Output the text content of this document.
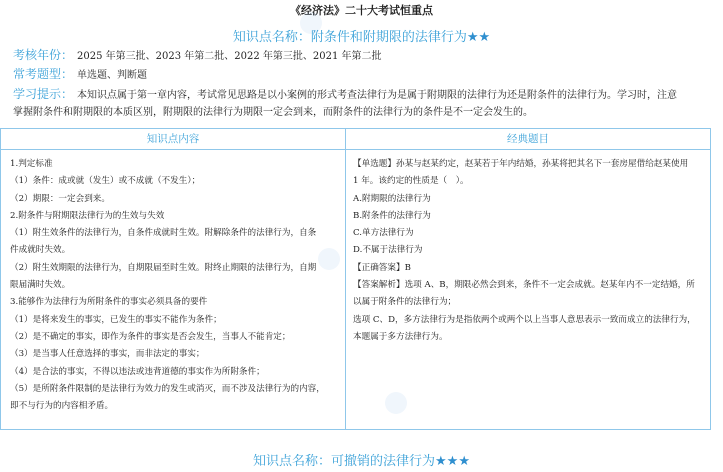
《经济法》二十大考试恒重点
知识点名称：附条件和附期限的法律行为★★
考核年份： 2025 年第三批、2023 年第二批、2022 年第三批、2021 年第二批
常考题型： 单选题、判断题
学习提示： 本知识点属于第一章内容，考试常见思路是以小案例的形式考查法律行为是属于附期限的法律行为还是附条件的法律行为。学习时，注意
掌握附条件和附期限的本质区别，附期限的法律行为期限一定会到来，而附条件的法律行为的条件是不一定会发生的。
知识点内容	经典题目

1.判定标准

（1）条件：成或就（发生）或不成就（不发生）；

（2）期限：一定会到来。

2.附条件与附期限法律行为的生效与失效

（1）附生效条件的法律行为，自条件成就时生效。附解除条件的法律行为，自条

件成就时失效。

（2）附生效期限的法律行为，自期限届至时生效。附终止期限的法律行为，自期

限届满时失效。

3.能够作为法律行为所附条件的事实必须具备的要件

（1）是将来发生的事实，已发生的事实不能作为条件；

（2）是不确定的事实，即作为条件的事实是否会发生，当事人不能肯定；

（3）是当事人任意选择的事实，而非法定的事实；

（4）是合法的事实，不得以违法或违背道德的事实作为所附条件；

（5）是所附条件限制的是法律行为效力的发生或消灭，而不涉及法律行为的内容，

即不与行为的内容相矛盾。

【单选题】孙某与赵某约定，赵某若于年内结婚，孙某将把其名下一套房屋借给赵某使用

1 年。该约定的性质是（　）。

A.附期限的法律行为

B.附条件的法律行为

C.单方法律行为

D.不属于法律行为

【正确答案】B

【答案解析】选项 A、B，期限必然会到来，条件不一定会成就。赵某年内不一定结婚，所

以属于附条件的法律行为；

选项 C、D，多方法律行为是指依两个或两个以上当事人意思表示一致而成立的法律行为，

本题属于多方法律行为。

知识点名称：可撤销的法律行为★★★
